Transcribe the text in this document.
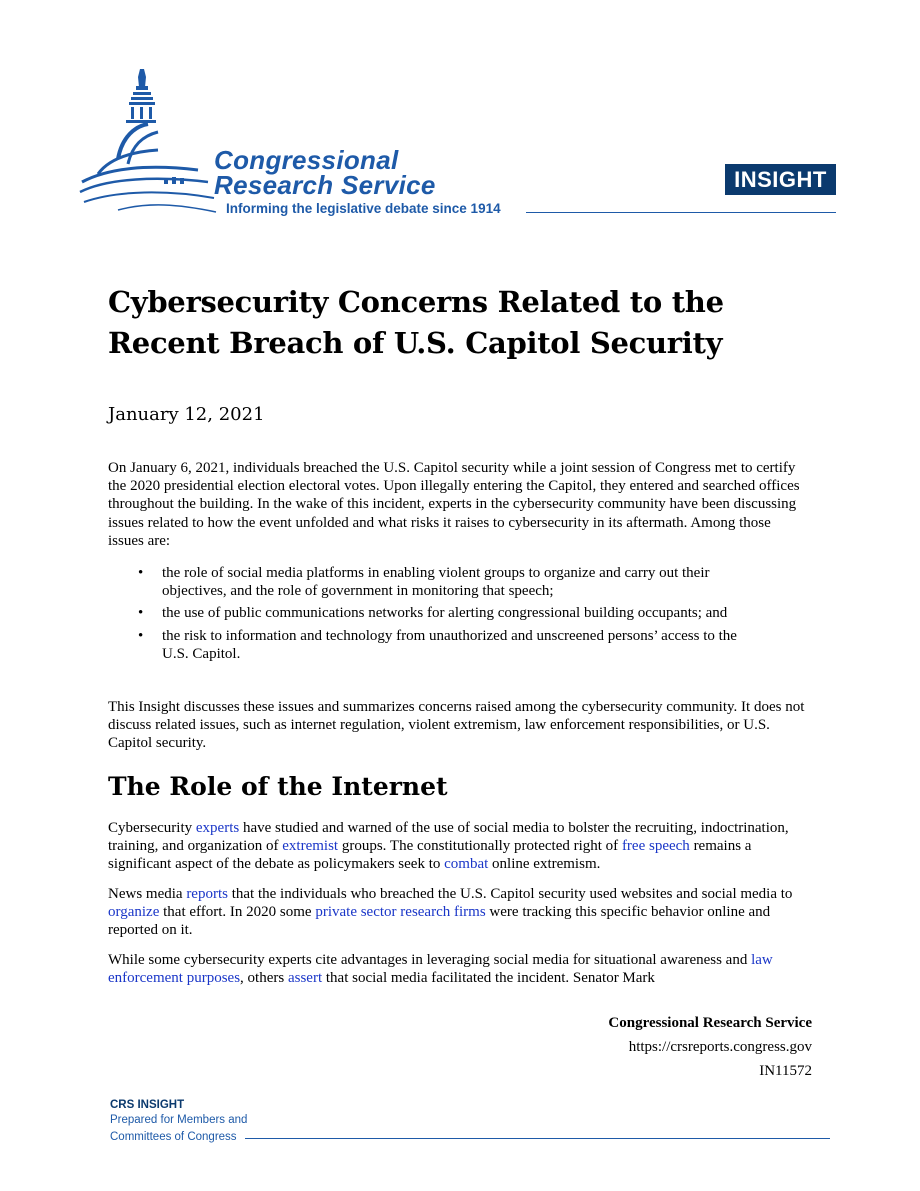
Congressional
Research Service
Informing the legislative debate since 1914
INSIGHT
Cybersecurity Concerns Related to the Recent Breach of U.S. Capitol Security
January 12, 2021

On January 6, 2021, individuals breached the U.S. Capitol security while a joint session of Congress met to certify the 2020 presidential election electoral votes. Upon illegally entering the Capitol, they entered and searched offices throughout the building. In the wake of this incident, experts in the cybersecurity community have been discussing issues related to how the event unfolded and what risks it raises to cybersecurity in its aftermath. Among those issues are:

• the role of social media platforms in enabling violent groups to organize and carry out their objectives, and the role of government in monitoring that speech;
• the use of public communications networks for alerting congressional building occupants; and
• the risk to information and technology from unauthorized and unscreened persons’ access to the U.S. Capitol.

This Insight discusses these issues and summarizes concerns raised among the cybersecurity community. It does not discuss related issues, such as internet regulation, violent extremism, law enforcement responsibilities, or U.S. Capitol security.

The Role of the Internet

Cybersecurity experts have studied and warned of the use of social media to bolster the recruiting, indoctrination, training, and organization of extremist groups. The constitutionally protected right of free speech remains a significant aspect of the debate as policymakers seek to combat online extremism.

News media reports that the individuals who breached the U.S. Capitol security used websites and social media to organize that effort. In 2020 some private sector research firms were tracking this specific behavior online and reported on it.

While some cybersecurity experts cite advantages in leveraging social media for situational awareness and law enforcement purposes, others assert that social media facilitated the incident. Senator Mark

Congressional Research Service
https://crsreports.congress.gov
IN11572
CRS INSIGHT
Prepared for Members and
Committees of Congress
